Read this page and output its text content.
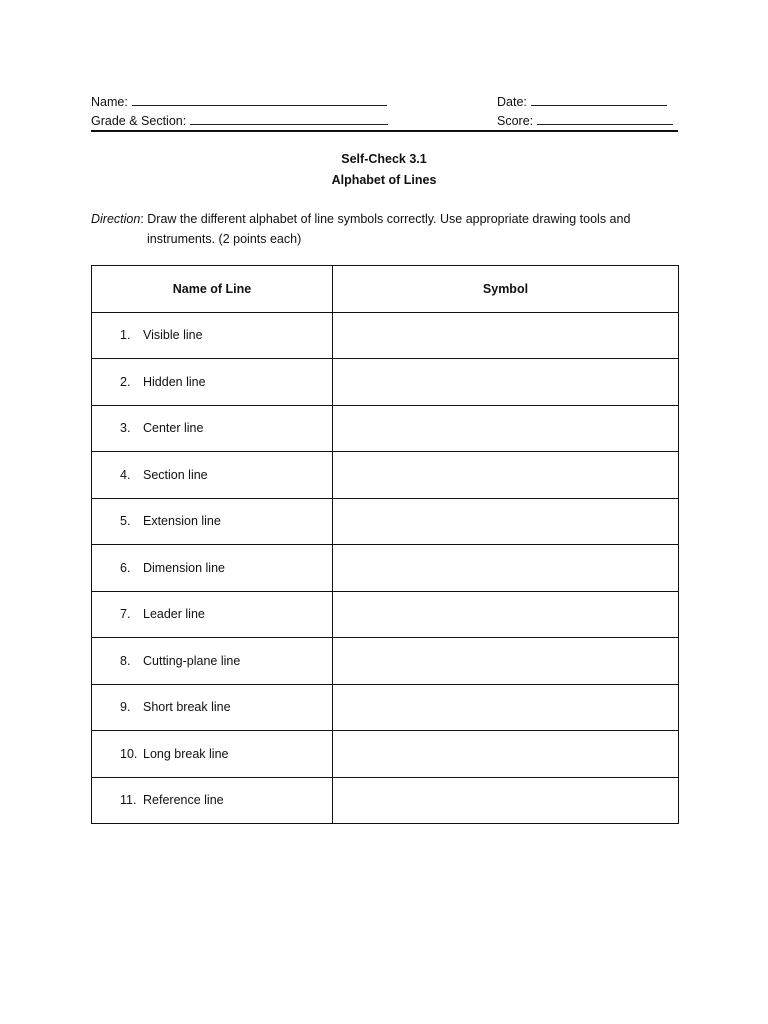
Name:	Date:
Grade & Section:	Score:
Self-Check 3.1
Alphabet of Lines
Direction: Draw the different alphabet of line symbols correctly. Use appropriate drawing tools and
instruments. (2 points each)
Name of Line	Symbol
1. Visible line	
2. Hidden line	
3. Center line	
4. Section line	
5. Extension line	
6. Dimension line	
7. Leader line	
8. Cutting-plane line	
9. Short break line	
10. Long break line	
11. Reference line	
